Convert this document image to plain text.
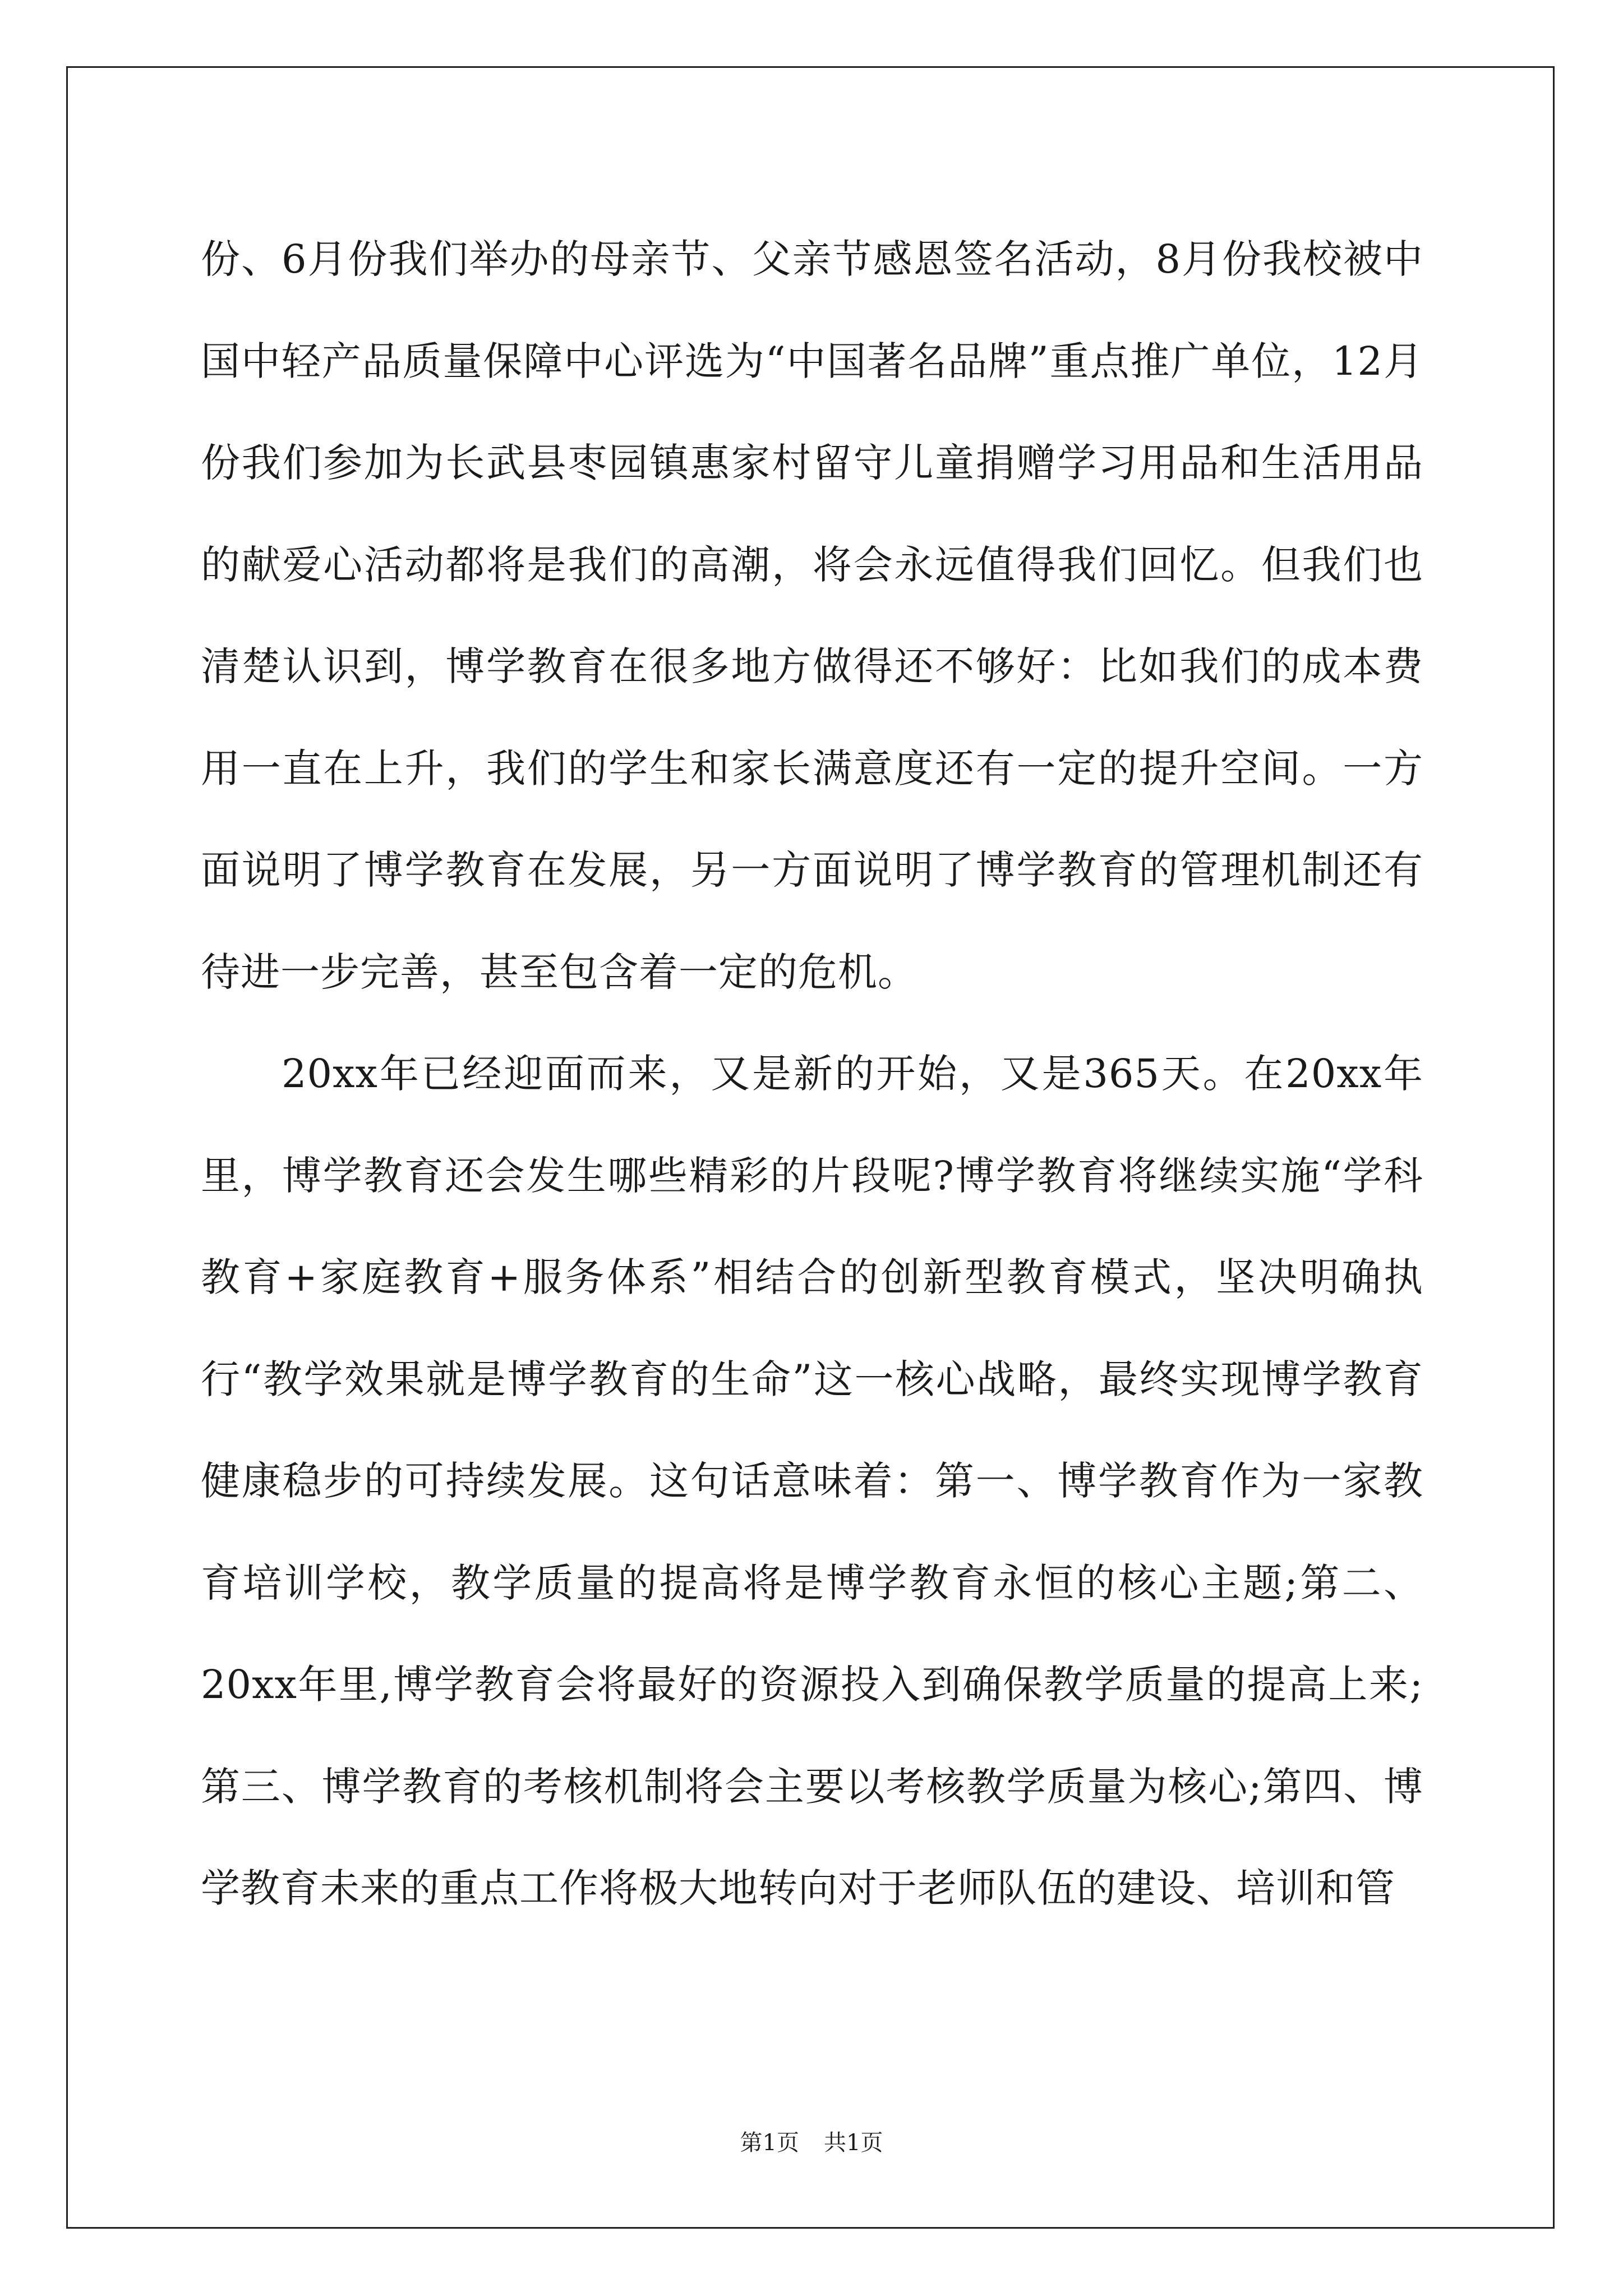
份、6月份我们举办的母亲节、父亲节感恩签名活动，8月份我校被中国中轻产品质量保障中心评选为“中国著名品牌”重点推广单位，12月份我们参加为长武县枣园镇惠家村留守儿童捐赠学习用品和生活用品的献爱心活动都将是我们的高潮，将会永远值得我们回忆。但我们也清楚认识到，博学教育在很多地方做得还不够好：比如我们的成本费用一直在上升，我们的学生和家长满意度还有一定的提升空间。一方面说明了博学教育在发展，另一方面说明了博学教育的管理机制还有待进一步完善，甚至包含着一定的危机。

20xx年已经迎面而来，又是新的开始，又是365天。在20xx年里，博学教育还会发生哪些精彩的片段呢?博学教育将继续实施“学科教育+家庭教育+服务体系”相结合的创新型教育模式，坚决明确执行“教学效果就是博学教育的生命”这一核心战略，最终实现博学教育健康稳步的可持续发展。这句话意味着：第一、博学教育作为一家教育培训学校，教学质量的提高将是博学教育永恒的核心主题;第二、20xx年里,博学教育会将最好的资源投入到确保教学质量的提高上来;第三、博学教育的考核机制将会主要以考核教学质量为核心;第四、博学教育未来的重点工作将极大地转向对于老师队伍的建设、培训和管

第1页 共1页
